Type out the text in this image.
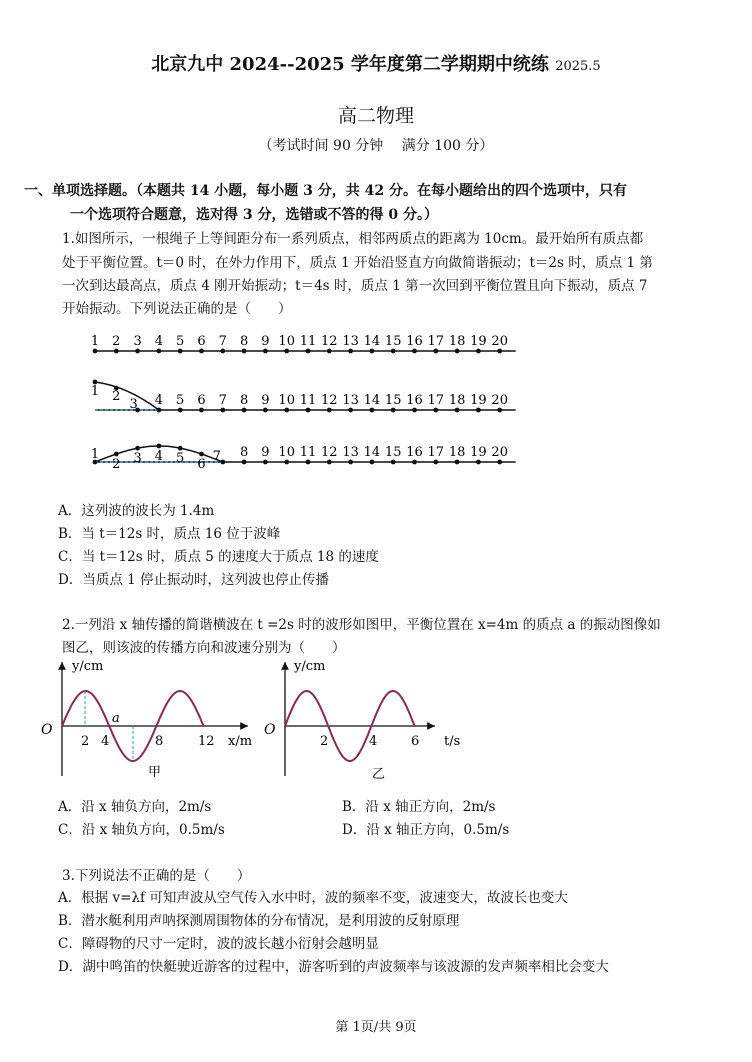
北京九中 2024--2025 学年度第二学期期中统练 2025.5
高二物理
（考试时间 90 分钟　 满分 100 分）
一、单项选择题。（本题共 14 小题，每小题 3 分，共 42 分。在每小题给出的四个选项中，只有
一个选项符合题意，选对得 3 分，选错或不答的得 0 分。）
1.如图所示，一根绳子上等间距分布一系列质点，相邻两质点的距离为 10cm。最开始所有质点都
处于平衡位置。t＝0 时，在外力作用下，质点 1 开始沿竖直方向做简谐振动；t＝2s 时，质点 1 第
一次到达最高点，质点 4 刚开始振动；t＝4s 时，质点 1 第一次回到平衡位置且向下振动，质点 7
开始振动。下列说法正确的是（　　）
1 2 3 4 5 6 7 8 9 10 11 12 13 14 15 16 17 18 19 20
1 2
3 4 5 6 7 8 9 10 11 12 13 14 15 16 17 18 19 20
1
2 3 4 5 6
7 8 9 10 11 12 13 14 15 16 17 18 19 20
A．这列波的波长为 1.4m
B．当 t＝12s 时，质点 16 位于波峰
C．当 t＝12s 时，质点 5 的速度大于质点 18 的速度
D．当质点 1 停止振动时，这列波也停止传播
2.一列沿 x 轴传播的简谐横波在 t =2s 时的波形如图甲，平衡位置在 x=4m 的质点 a 的振动图像如
图乙，则该波的传播方向和波速分别为（　　）
O
y/cm
x/m
a
2 4	8	12
甲
O
y/cm
t/s
2	4	6
乙
A．沿 x 轴负方向，2m/s	B．沿 x 轴正方向，2m/s
C．沿 x 轴负方向，0.5m/s	D．沿 x 轴正方向，0.5m/s
3.下列说法不正确的是（　　）
A．根据 v=λf 可知声波从空气传入水中时，波的频率不变，波速变大，故波长也变大
B．潜水艇利用声呐探测周围物体的分布情况，是利用波的反射原理
C．障碍物的尺寸一定时，波的波长越小衍射会越明显
D．湖中鸣笛的快艇驶近游客的过程中，游客听到的声波频率与该波源的发声频率相比会变大
第 1页/共 9页
